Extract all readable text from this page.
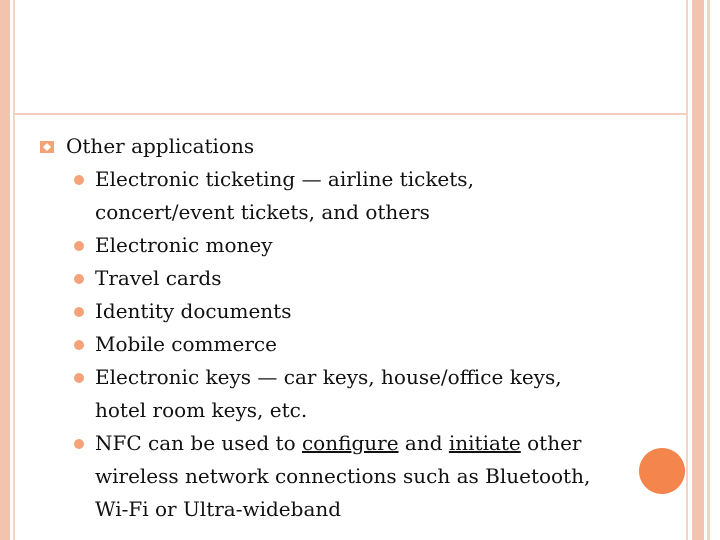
Other applications
Electronic ticketing — airline tickets, concert/event tickets, and others
Electronic money
Travel cards
Identity documents
Mobile commerce
Electronic keys — car keys, house/office keys, hotel room keys, etc.
NFC can be used to configure and initiate other wireless network connections such as Bluetooth, Wi-Fi or Ultra-wideband
